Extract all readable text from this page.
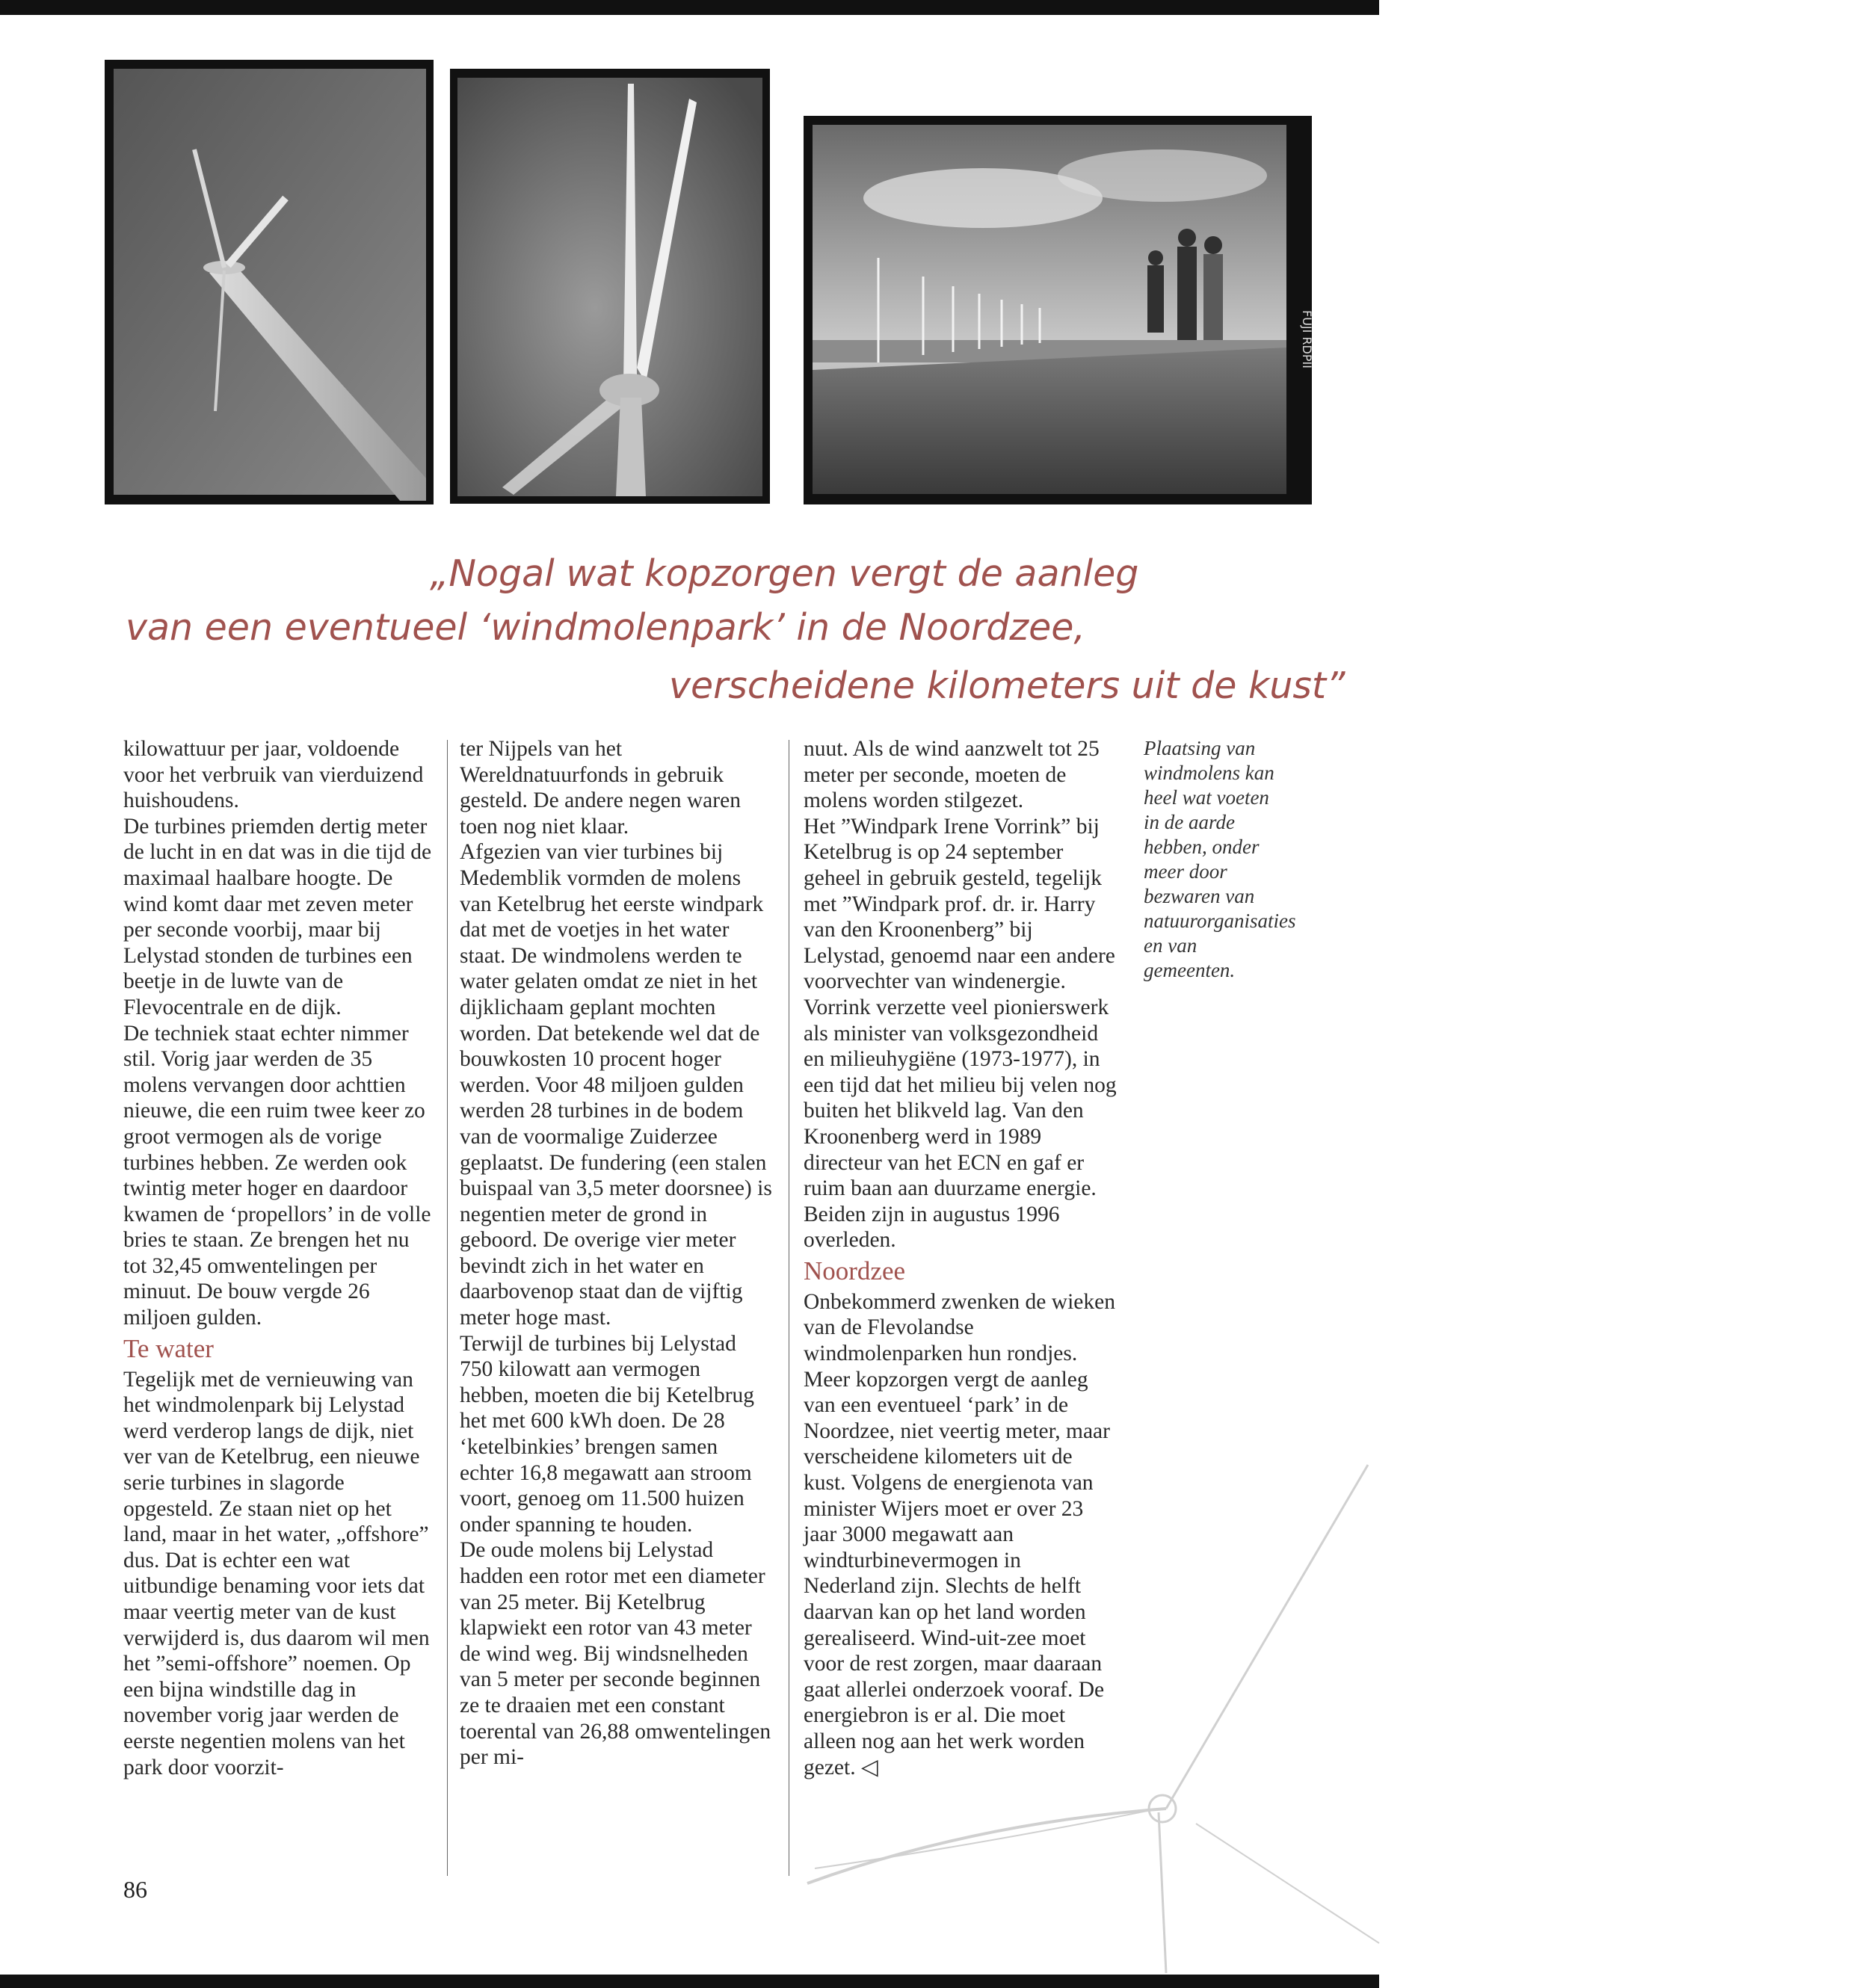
FUJI RDPII
„Nogal wat kopzorgen vergt de aanleg
van een eventueel ‘windmolenpark’ in de Noordzee,
verscheidene kilometers uit de kust”

kilowattuur per jaar, voldoende voor het verbruik van vierduizend huishoudens.

De turbines priemden dertig meter de lucht in en dat was in die tijd de maximaal haalbare hoogte. De wind komt daar met zeven meter per seconde voorbij, maar bij Lelystad stonden de turbines een beetje in de luwte van de Flevocentrale en de dijk.

De techniek staat echter nimmer stil. Vorig jaar werden de 35 molens vervangen door achttien nieuwe, die een ruim twee keer zo groot vermogen als de vorige turbines hebben. Ze werden ook twintig meter hoger en daardoor kwamen de ‘propellors’ in de volle bries te staan. Ze brengen het nu tot 32,45 omwentelingen per minuut. De bouw vergde 26 miljoen gulden.

Te water

Tegelijk met de vernieuwing van het windmolenpark bij Lelystad werd verderop langs de dijk, niet ver van de Ketelbrug, een nieuwe serie turbines in slagorde opgesteld. Ze staan niet op het land, maar in het water, „offshore” dus. Dat is echter een wat uitbundige benaming voor iets dat maar veertig meter van de kust verwijderd is, dus daarom wil men het ”semi-offshore” noemen. Op een bijna windstille dag in november vorig jaar werden de eerste negentien molens van het park door voorzit-

ter Nijpels van het Wereldnatuurfonds in gebruik gesteld. De andere negen waren toen nog niet klaar.

Afgezien van vier turbines bij Medemblik vormden de molens van Ketelbrug het eerste windpark dat met de voetjes in het water staat. De windmolens werden te water gelaten omdat ze niet in het dijklichaam geplant mochten worden. Dat betekende wel dat de bouwkosten 10 procent hoger werden. Voor 48 miljoen gulden werden 28 turbines in de bodem van de voormalige Zuiderzee geplaatst. De fundering (een stalen buispaal van 3,5 meter doorsnee) is negentien meter de grond in geboord. De overige vier meter bevindt zich in het water en daarbovenop staat dan de vijftig meter hoge mast.

Terwijl de turbines bij Lelystad 750 kilowatt aan vermogen hebben, moeten die bij Ketelbrug het met 600 kWh doen. De 28 ‘ketelbinkies’ brengen samen echter 16,8 megawatt aan stroom voort, genoeg om 11.500 huizen onder spanning te houden.

De oude molens bij Lelystad hadden een rotor met een diameter van 25 meter. Bij Ketelbrug klapwiekt een rotor van 43 meter de wind weg. Bij windsnelheden van 5 meter per seconde beginnen ze te draaien met een constant toerental van 26,88 omwentelingen per mi-

nuut. Als de wind aanzwelt tot 25 meter per seconde, moeten de molens worden stilgezet.

Het ”Windpark Irene Vorrink” bij Ketelbrug is op 24 september geheel in gebruik gesteld, tegelijk met ”Windpark prof. dr. ir. Harry van den Kroonenberg” bij Lelystad, genoemd naar een andere voorvechter van windenergie. Vorrink verzette veel pionierswerk als minister van volksgezondheid en milieuhygiëne (1973-1977), in een tijd dat het milieu bij velen nog buiten het blikveld lag. Van den Kroonenberg werd in 1989 directeur van het ECN en gaf er ruim baan aan duurzame energie. Beiden zijn in augustus 1996 overleden.

Noordzee

Onbekommerd zwenken de wieken van de Flevolandse windmolenparken hun rondjes. Meer kopzorgen vergt de aanleg van een eventueel ‘park’ in de Noordzee, niet veertig meter, maar verscheidene kilometers uit de kust. Volgens de energienota van minister Wijers moet er over 23 jaar 3000 megawatt aan windturbinevermogen in Nederland zijn. Slechts de helft daarvan kan op het land worden gerealiseerd. Wind-uit-zee moet voor de rest zorgen, maar daaraan gaat allerlei onderzoek vooraf. De energiebron is er al. Die moet alleen nog aan het werk worden gezet. ◁

Plaatsing van windmolens kan heel wat voeten in de aarde hebben, onder meer door bezwaren van natuurorganisaties en van gemeenten.
86
